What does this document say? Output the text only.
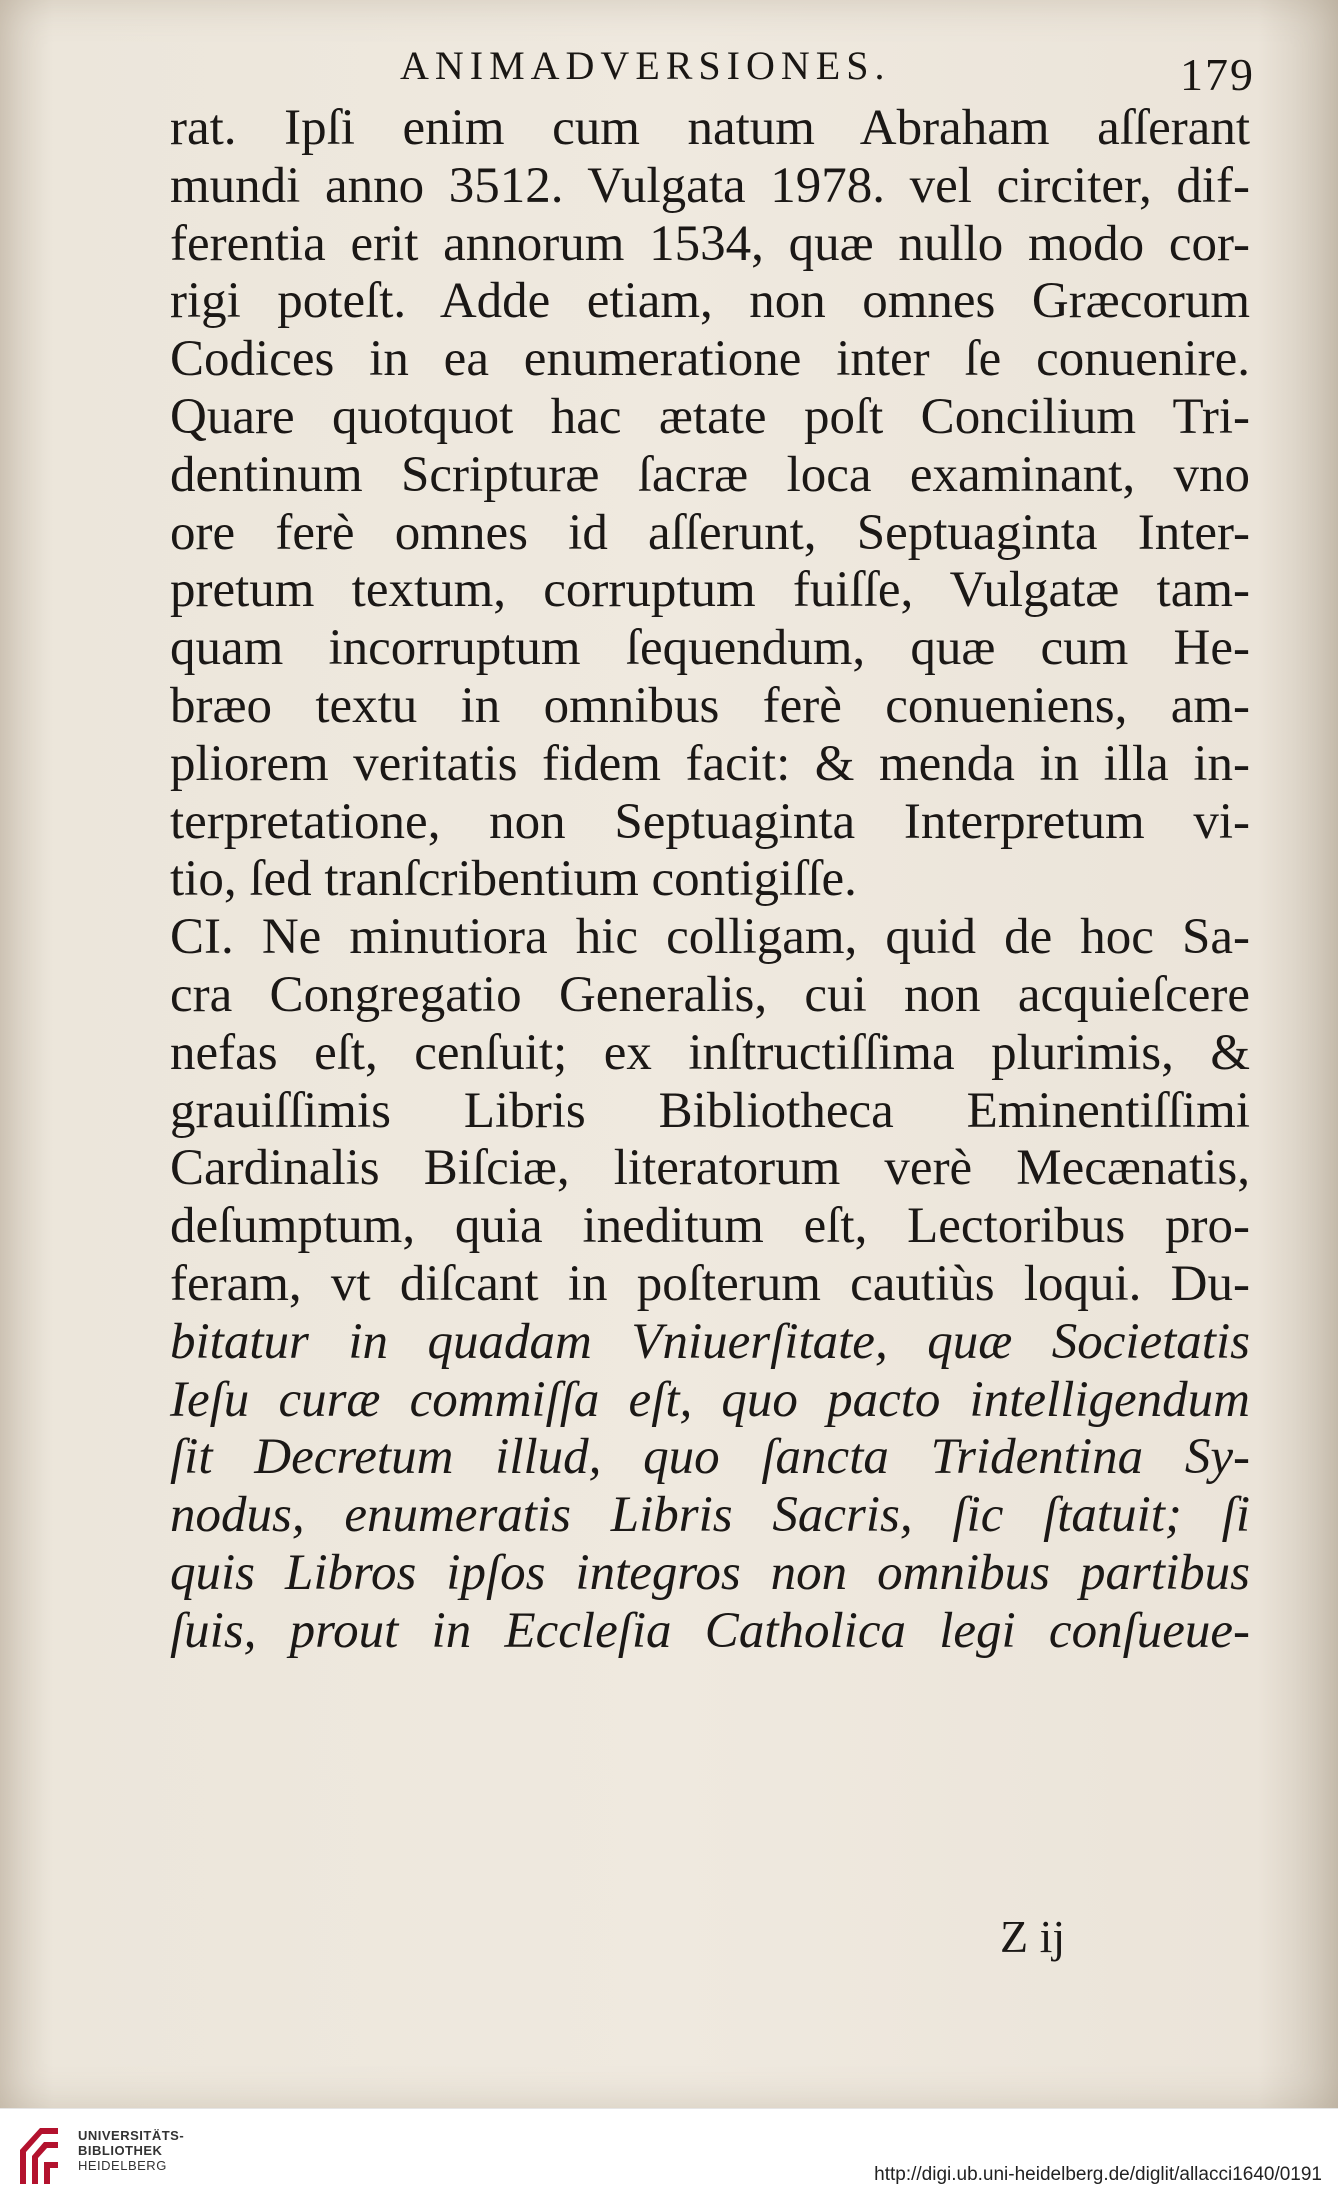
ANIMADVERSIONES.	179
rat. Ipſi enim cum natum Abraham aſſerant
mundi anno 3512. Vulgata 1978. vel circiter, dif-
ferentia erit annorum 1534, quæ nullo modo cor-
rigi poteſt. Adde etiam, non omnes Græcorum
Codices in ea enumeratione inter ſe conuenire.
Quare quotquot hac ætate poſt Concilium Tri-
dentinum Scripturæ ſacræ loca examinant, vno
ore ferè omnes id aſſerunt, Septuaginta Inter-
pretum textum, corruptum fuiſſe, Vulgatæ tam-
quam incorruptum ſequendum, quæ cum He-
bræo textu in omnibus ferè conueniens, am-
pliorem veritatis fidem facit: & menda in illa in-
terpretatione, non Septuaginta Interpretum vi-
tio, ſed tranſcribentium contigiſſe.
CI. Ne minutiora hic colligam, quid de hoc Sa-
cra Congregatio Generalis, cui non acquieſcere
nefas eſt, cenſuit; ex inſtructiſſima plurimis, &
grauiſſimis Libris Bibliotheca Eminentiſſimi
Cardinalis Biſciæ, literatorum verè Mecænatis,
deſumptum, quia ineditum eſt, Lectoribus pro-
feram, vt diſcant in poſterum cautiùs loqui. Du-
bitatur in quadam Vniuerſitate, quæ Societatis
Ieſu curæ commiſſa eſt, quo pacto intelligendum
ſit Decretum illud, quo ſancta Tridentina Sy-
nodus, enumeratis Libris Sacris, ſic ſtatuit; ſi
quis Libros ipſos integros non omnibus partibus
ſuis, prout in Eccleſia Catholica legi conſueue-
Z ij
UNIVERSITÄTS-
BIBLIOTHEK
HEIDELBERG	http://digi.ub.uni-heidelberg.de/diglit/allacci1640/0191
